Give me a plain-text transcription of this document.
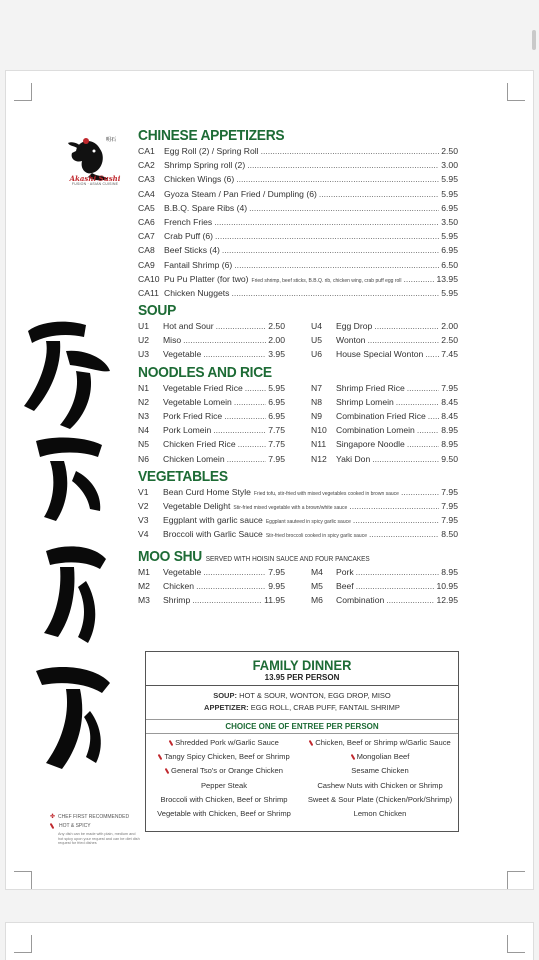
明石
Akashi Sushi
FUSION · ASIAN CUISINE
✤ CHEF FIRST RECOMMENDED
HOT & SPICY
Any dish can be made with plain, medium and hot spicy upon your request and can be diet dish request for fried dishes
CHINESE APPETIZERS
CA1	Egg Roll (2) / Spring Roll .....	2.50
CA2	Shrimp Spring roll (2) .....	3.00
CA3	Chicken Wings (6) .....	5.95
CA4	Gyoza Steam / Pan Fried / Dumpling (6) .....	5.95
CA5	B.B.Q. Spare Ribs (4) .....	6.95
CA6	French Fries .....	3.50
CA7	Crab Puff (6) .....	5.95
CA8	Beef Sticks (4) .....	6.95
CA9	Fantail Shrimp (6) .....	6.50
CA10 Pu Pu Platter (for two) Fried shrimp, beef sticks, B.B.Q. rib, chicken wing, crab puff egg roll .....	13.95
CA11 Chicken Nuggets .....	5.95
SOUP
U1	Hot and Sour .....	2.50
U2	Miso .....	2.00
U3	Vegetable .....	3.95
U4	Egg Drop .....	2.00
U5	Wonton .....	2.50
U6	House Special Wonton ..... 7.45
NOODLES AND RICE
N1	Vegetable Fried Rice .....	5.95
N2	Vegetable Lomein .....	6.95
N3	Pork Fried Rice .....	6.95
N4	Pork Lomein .....	7.75
N5	Chicken Fried Rice .....	7.75
N6	Chicken Lomein .....	7.95
N7	Shrimp Fried Rice .....	7.95
N8	Shrimp Lomein .....	8.45
N9	Combination Fried Rice ..... 8.45
N10	Combination Lomein .....	8.95
N11	Singapore Noodle .....	8.95
N12	Yaki Don .....	9.50
VEGETABLES
V1	Bean Curd Home Style Fried tofu, stir-fried with mixed vegetables cooked in brown sauce .....	7.95
V2	Vegetable Delight Stir-fried mixed vegetable with a brown/white sauce .....	7.95
V3	Eggplant with garlic sauce Eggplant sauteed in spicy garlic sauce .....	7.95
V4	Broccoli with Garlic Sauce Stir-fried broccoli cooked in spicy garlic sauce .....	8.50
MOO SHU SERVED WITH HOISIN SAUCE AND FOUR PANCAKES
M1	Vegetable .....	7.95
M2	Chicken .....	9.95
M3	Shrimp .....	11.95
M4	Pork .....	8.95
M5	Beef .....	10.95
M6	Combination .....	12.95
FAMILY DINNER
13.95 PER PERSON
SOUP: HOT & SOUR, WONTON, EGG DROP, MISO
APPETIZER: EGG ROLL, CRAB PUFF, FANTAIL SHRIMP
CHOICE ONE OF ENTREE PER PERSON
Shredded Pork w/Garlic Sauce
Tangy Spicy Chicken, Beef or Shrimp
General Tso's or Orange Chicken
Pepper Steak
Broccoli with Chicken, Beef or Shrimp
Vegetable with Chicken, Beef or Shrimp
Chicken, Beef or Shrimp w/Garlic Sauce
Mongolian Beef
Sesame Chicken
Cashew Nuts with Chicken or Shrimp
Sweet & Sour Plate (Chicken/Pork/Shrimp)
Lemon Chicken
